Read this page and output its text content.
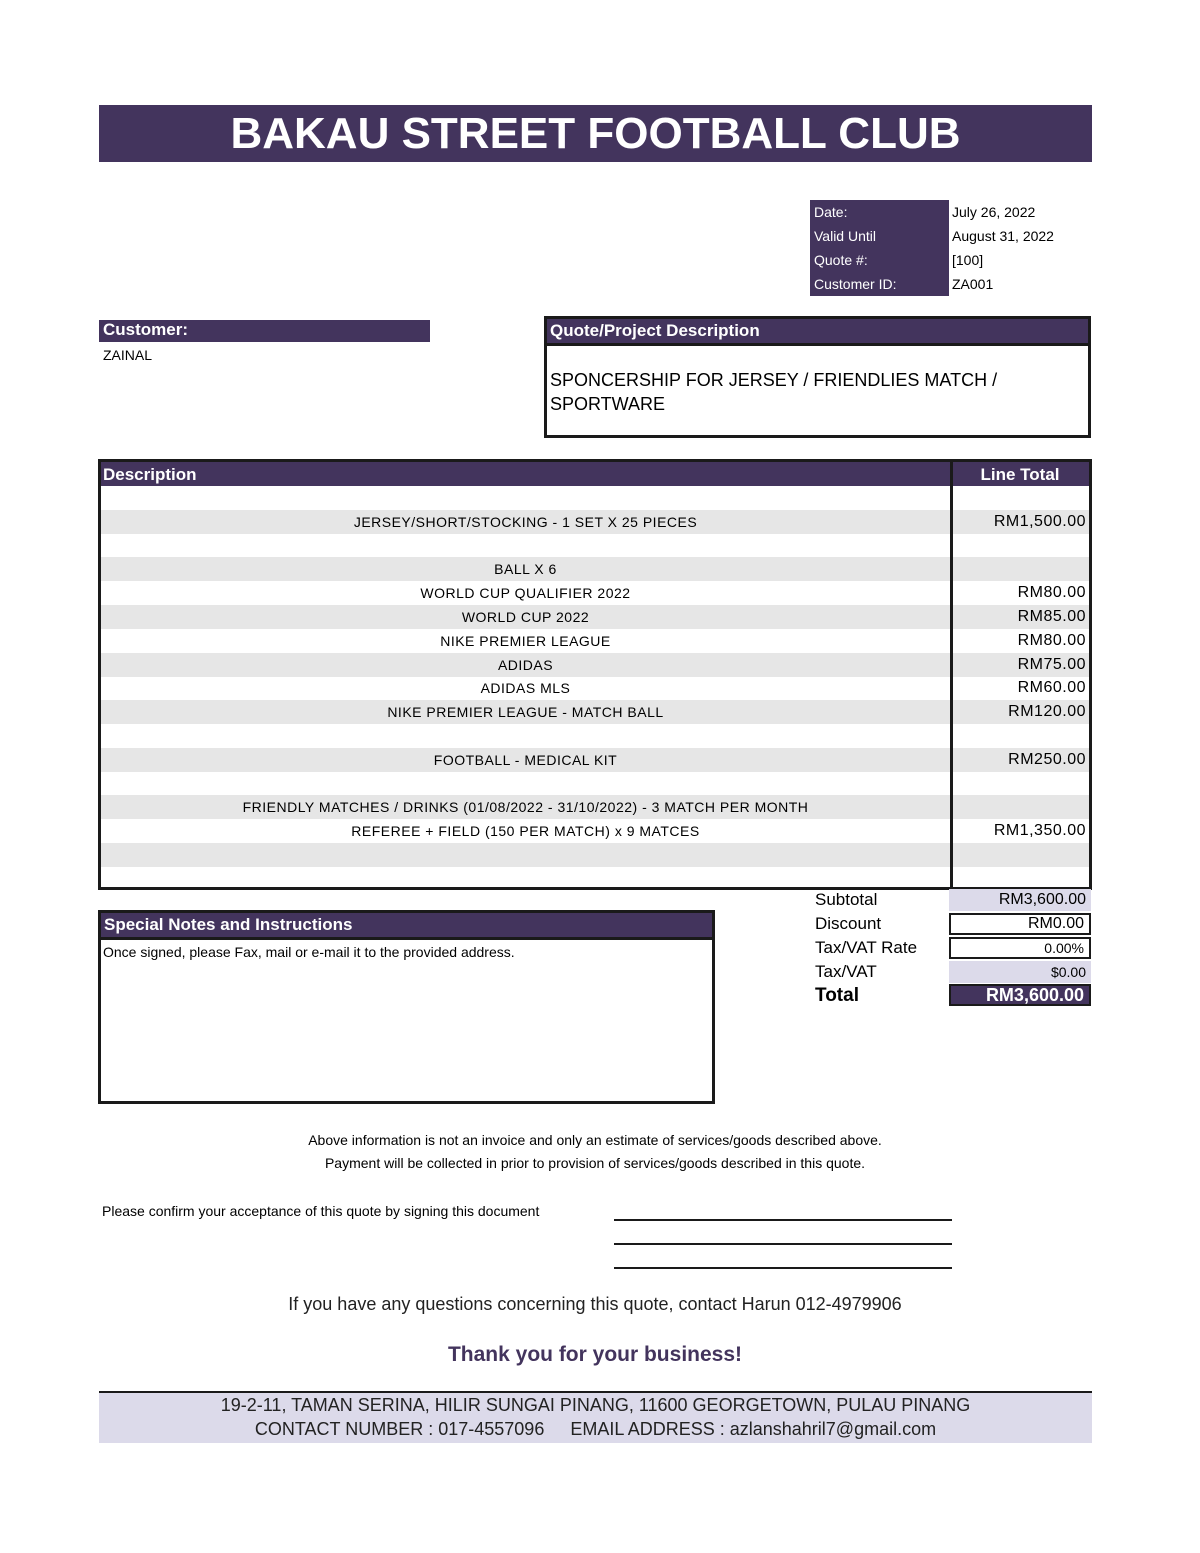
BAKAU STREET FOOTBALL CLUB
Date:	July 26, 2022
Valid Until	August 31, 2022
Quote #:	[100]
Customer ID:	ZA001
Customer:
ZAINAL
Quote/Project Description
SPONCERSHIP FOR JERSEY / FRIENDLIES MATCH / SPORTWARE
Description	Line Total
JERSEY/SHORT/STOCKING - 1 SET X 25 PIECES	RM1,500.00
BALL X 6
WORLD CUP QUALIFIER 2022	RM80.00
WORLD CUP 2022	RM85.00
NIKE PREMIER LEAGUE	RM80.00
ADIDAS	RM75.00
ADIDAS MLS	RM60.00
NIKE PREMIER LEAGUE - MATCH BALL	RM120.00
FOOTBALL - MEDICAL KIT	RM250.00
FRIENDLY MATCHES / DRINKS (01/08/2022 - 31/10/2022) - 3 MATCH PER MONTH
REFEREE + FIELD (150 PER MATCH) x 9 MATCES	RM1,350.00
Special Notes and Instructions
Once signed, please Fax, mail or e-mail it to the provided address.
Subtotal	RM3,600.00
Discount	RM0.00
Tax/VAT Rate	0.00%
Tax/VAT	$0.00
Total	RM3,600.00
Above information is not an invoice and only an estimate of services/goods described above.
Payment will be collected in prior to provision of services/goods described in this quote.
Please confirm your acceptance of this quote by signing this document
If you have any questions concerning this quote, contact Harun 012-4979906
Thank you for your business!
19-2-11, TAMAN SERINA, HILIR SUNGAI PINANG, 11600 GEORGETOWN, PULAU PINANG
CONTACT NUMBER : 017-4557096 EMAIL ADDRESS : azlanshahril7@gmail.com
